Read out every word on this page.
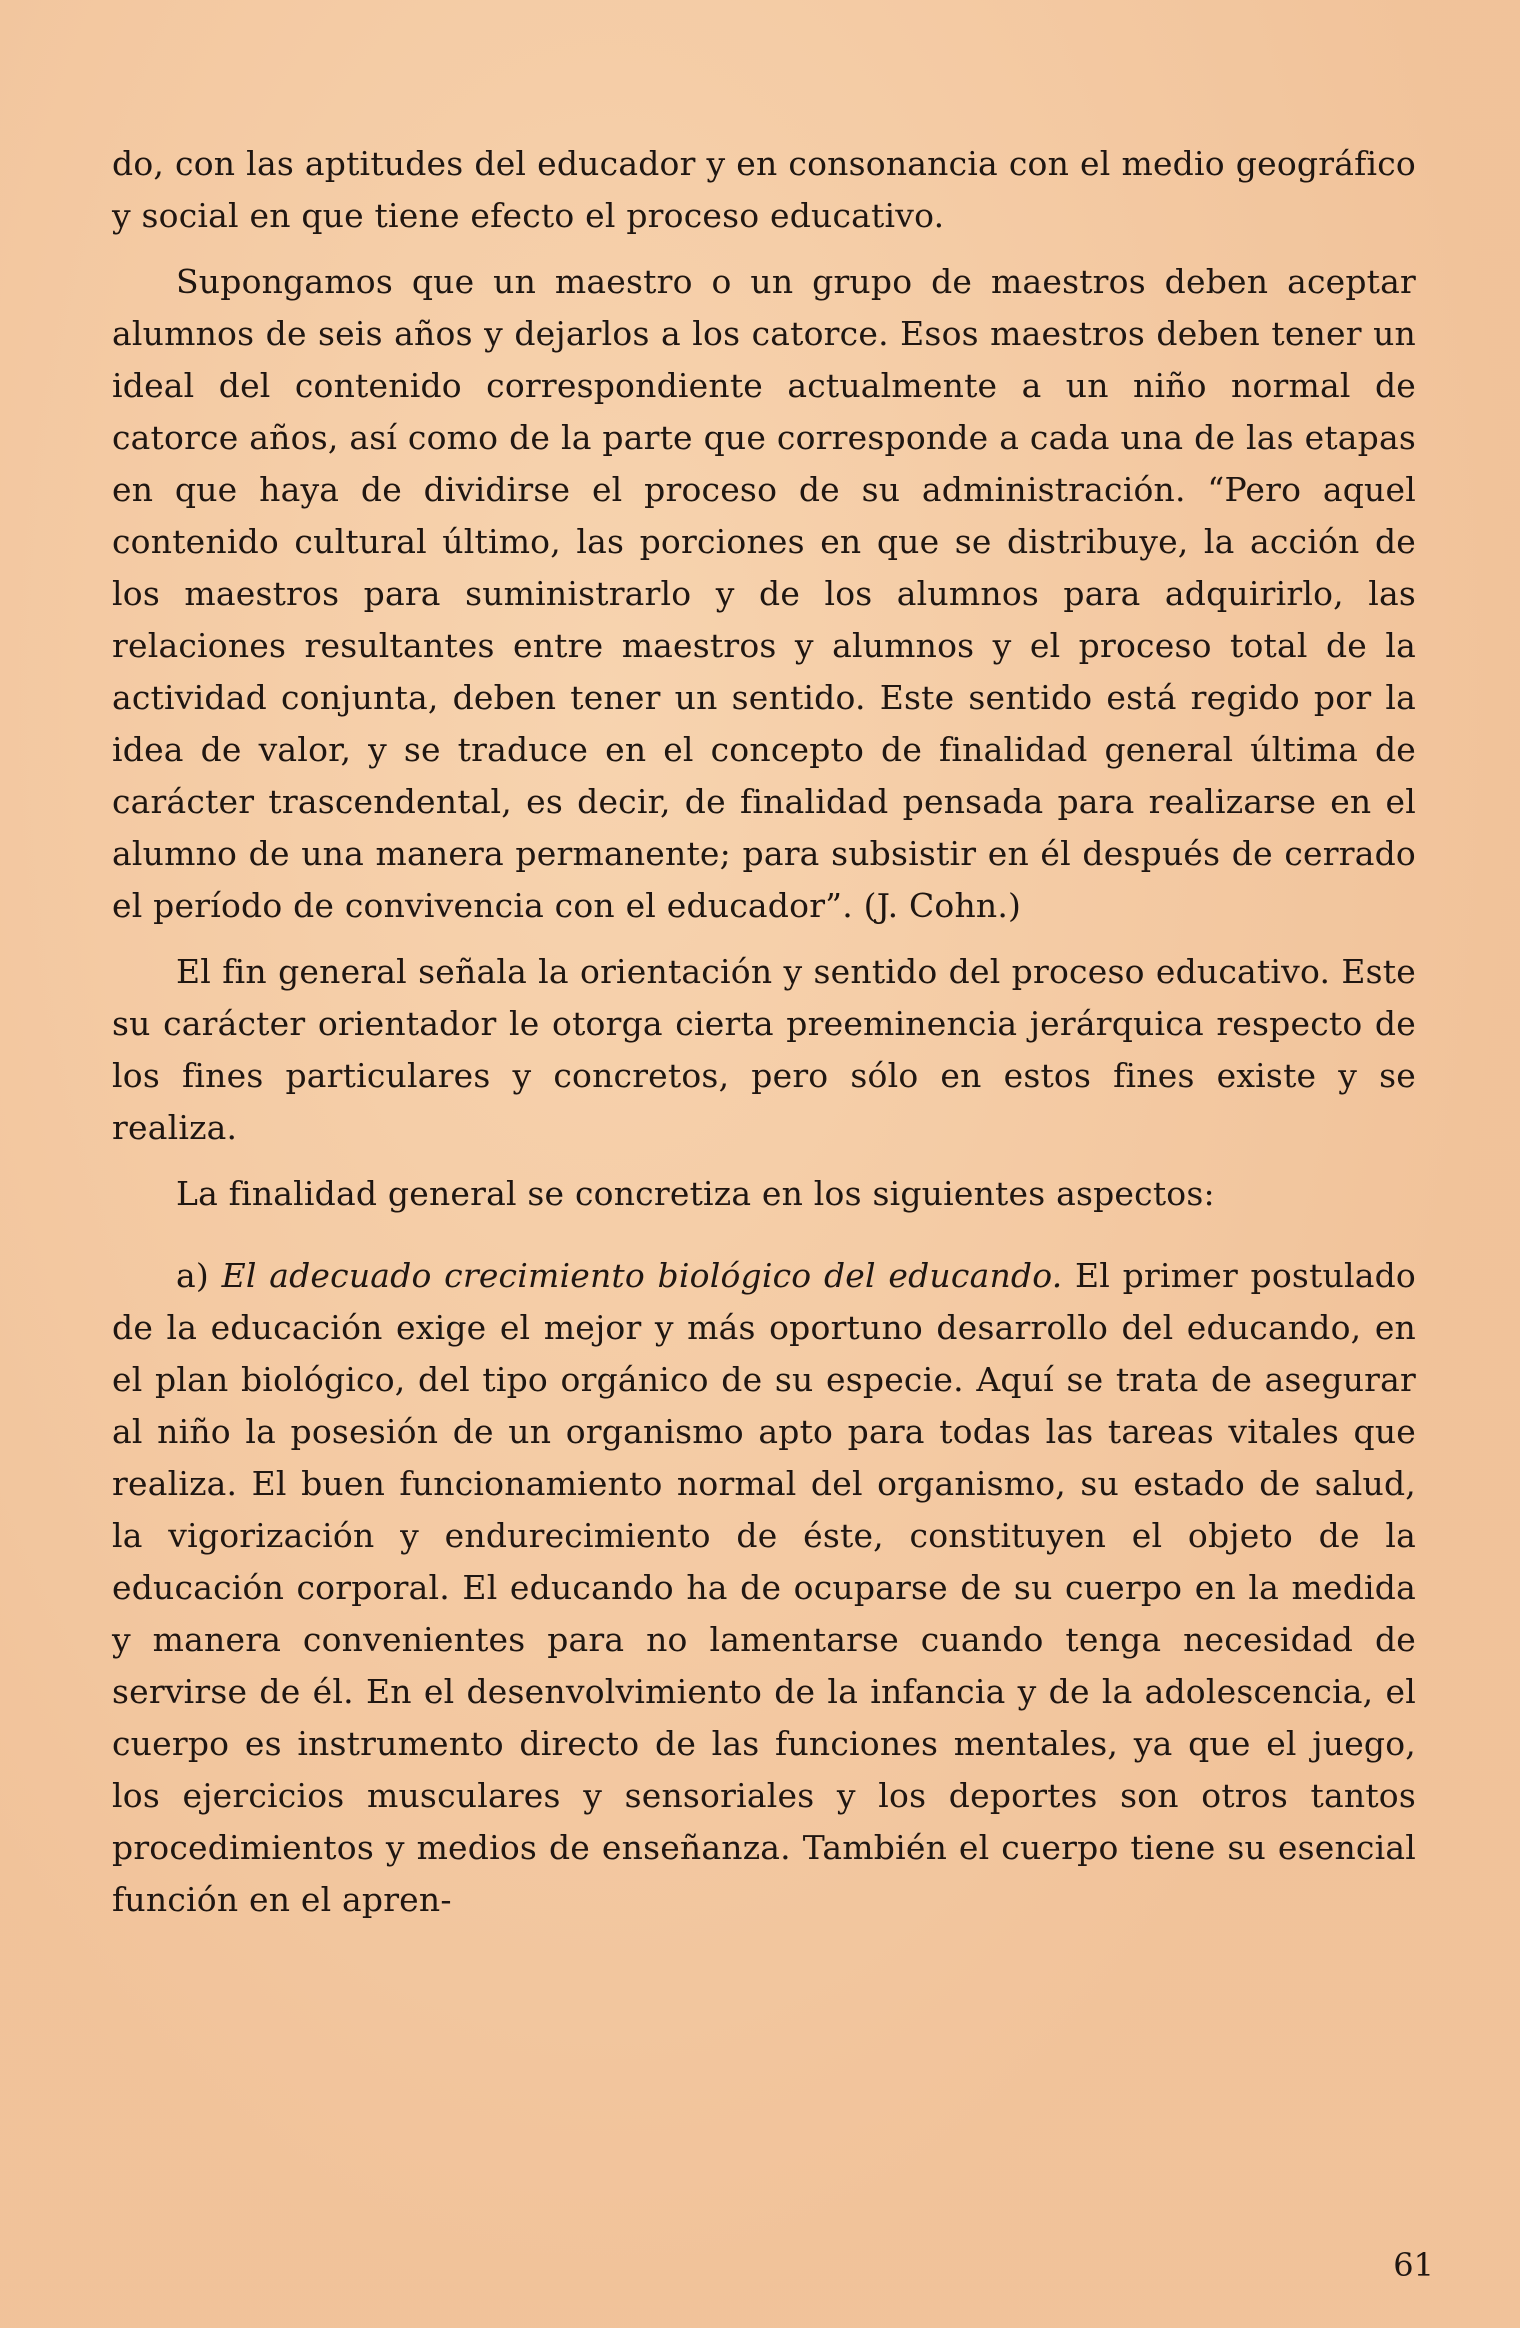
do, con las aptitudes del educador y en consonancia con el medio geográfico y social en que tiene efecto el proceso educativo.

Supongamos que un maestro o un grupo de maestros deben aceptar alumnos de seis años y dejarlos a los catorce. Esos maestros deben tener un ideal del contenido correspondiente actualmente a un niño normal de catorce años, así como de la parte que corresponde a cada una de las etapas en que haya de dividirse el proceso de su administración. “Pero aquel contenido cultural último, las porciones en que se distribuye, la acción de los maestros para suministrarlo y de los alumnos para adquirirlo, las relaciones resultantes entre maestros y alumnos y el proceso total de la actividad conjunta, deben tener un sentido. Este sentido está regido por la idea de valor, y se traduce en el concepto de finalidad general última de carácter trascendental, es decir, de finalidad pensada para realizarse en el alumno de una manera permanente; para subsistir en él después de cerrado el período de convivencia con el educador”. (J. Cohn.)

El fin general señala la orientación y sentido del proceso educativo. Este su carácter orientador le otorga cierta preeminencia jerárquica respecto de los fines particulares y concretos, pero sólo en estos fines existe y se realiza.

La finalidad general se concretiza en los siguientes aspectos:

a) El adecuado crecimiento biológico del educando. El primer postulado de la educación exige el mejor y más oportuno desarrollo del educando, en el plan biológico, del tipo orgánico de su especie. Aquí se trata de asegurar al niño la posesión de un organismo apto para todas las tareas vitales que realiza. El buen funcionamiento normal del organismo, su estado de salud, la vigorización y endurecimiento de éste, constituyen el objeto de la educación corporal. El educando ha de ocuparse de su cuerpo en la medida y manera convenientes para no lamentarse cuando tenga necesidad de servirse de él. En el desenvolvimiento de la infancia y de la adolescencia, el cuerpo es instrumento directo de las funciones mentales, ya que el juego, los ejercicios musculares y sensoriales y los deportes son otros tantos procedimientos y medios de enseñanza. También el cuerpo tiene su esencial función en el apren-

61
